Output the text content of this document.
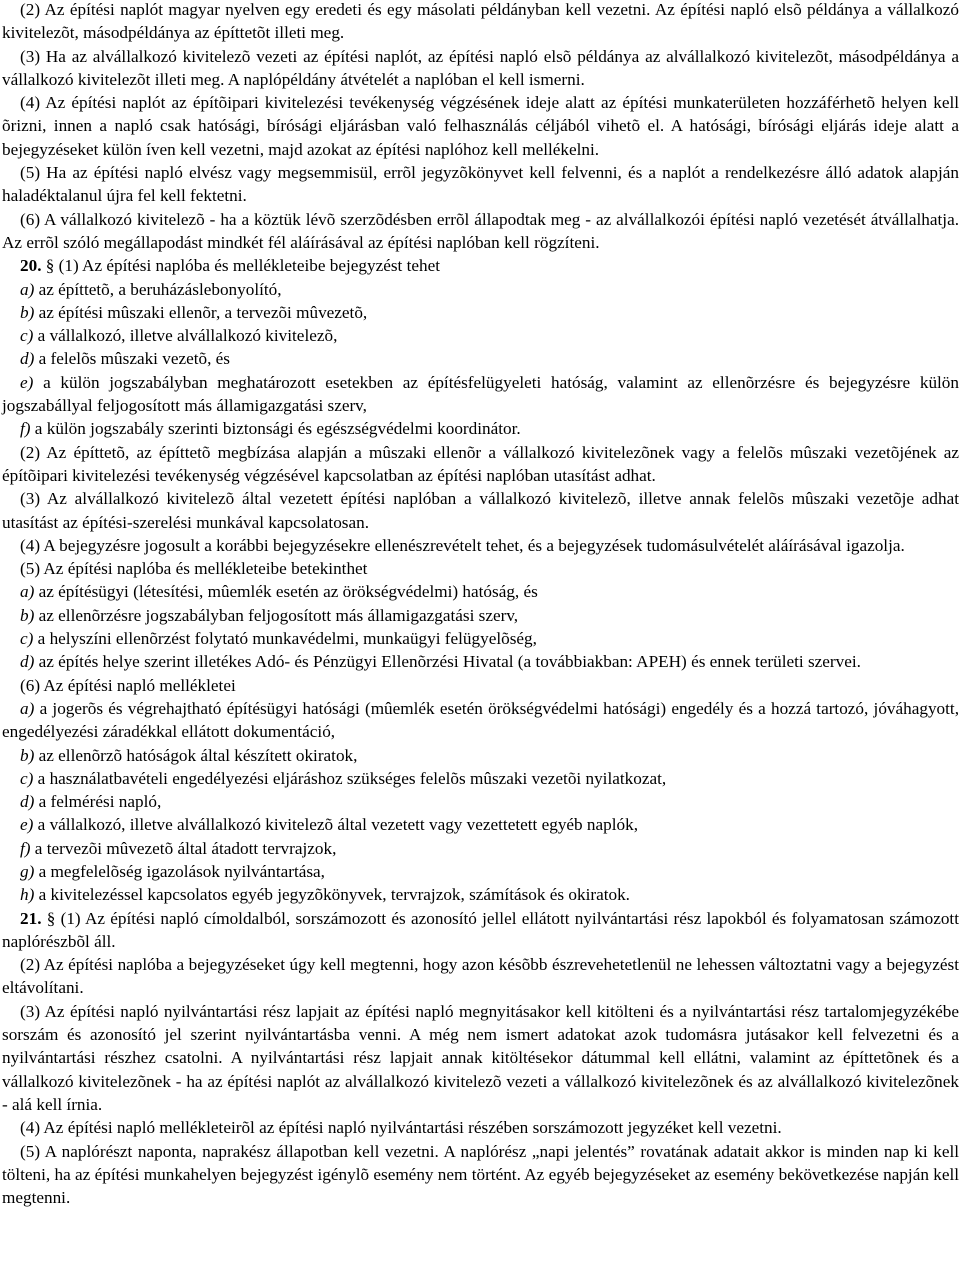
(2) Az építési naplót magyar nyelven egy eredeti és egy másolati példányban kell vezetni. Az építési napló elsõ példánya a vállalkozó kivitelezõt, másodpéldánya az építtetõt illeti meg.

(3) Ha az alvállalkozó kivitelezõ vezeti az építési naplót, az építési napló elsõ példánya az alvállalkozó kivitelezõt, másodpéldánya a vállalkozó kivitelezõt illeti meg. A naplópéldány átvételét a naplóban el kell ismerni.

(4) Az építési naplót az építõipari kivitelezési tevékenység végzésének ideje alatt az építési munkaterületen hozzáférhetõ helyen kell õrizni, innen a napló csak hatósági, bírósági eljárásban való felhasználás céljából vihetõ el. A hatósági, bírósági eljárás ideje alatt a bejegyzéseket külön íven kell vezetni, majd azokat az építési naplóhoz kell mellékelni.

(5) Ha az építési napló elvész vagy megsemmisül, errõl jegyzõkönyvet kell felvenni, és a naplót a rendelkezésre álló adatok alapján haladéktalanul újra fel kell fektetni.

(6) A vállalkozó kivitelezõ - ha a köztük lévõ szerzõdésben errõl állapodtak meg - az alvállalkozói építési napló vezetését átvállalhatja. Az errõl szóló megállapodást mindkét fél aláírásával az építési naplóban kell rögzíteni.

20. § (1) Az építési naplóba és mellékleteibe bejegyzést tehet

a) az építtetõ, a beruházáslebonyolító,

b) az építési mûszaki ellenõr, a tervezõi mûvezetõ,

c) a vállalkozó, illetve alvállalkozó kivitelezõ,

d) a felelõs mûszaki vezetõ, és

e) a külön jogszabályban meghatározott esetekben az építésfelügyeleti hatóság, valamint az ellenõrzésre és bejegyzésre külön jogszabállyal feljogosított más államigazgatási szerv,

f) a külön jogszabály szerinti biztonsági és egészségvédelmi koordinátor.

(2) Az építtetõ, az építtetõ megbízása alapján a mûszaki ellenõr a vállalkozó kivitelezõnek vagy a felelõs mûszaki vezetõjének az építõipari kivitelezési tevékenység végzésével kapcsolatban az építési naplóban utasítást adhat.

(3) Az alvállalkozó kivitelezõ által vezetett építési naplóban a vállalkozó kivitelezõ, illetve annak felelõs mûszaki vezetõje adhat utasítást az építési-szerelési munkával kapcsolatosan.

(4) A bejegyzésre jogosult a korábbi bejegyzésekre ellenészrevételt tehet, és a bejegyzések tudomásulvételét aláírásával igazolja.

(5) Az építési naplóba és mellékleteibe betekinthet

a) az építésügyi (létesítési, mûemlék esetén az örökségvédelmi) hatóság, és

b) az ellenõrzésre jogszabályban feljogosított más államigazgatási szerv,

c) a helyszíni ellenõrzést folytató munkavédelmi, munkaügyi felügyelõség,

d) az építés helye szerint illetékes Adó- és Pénzügyi Ellenõrzési Hivatal (a továbbiakban: APEH) és ennek területi szervei.

(6) Az építési napló mellékletei

a) a jogerõs és végrehajtható építésügyi hatósági (mûemlék esetén örökségvédelmi hatósági) engedély és a hozzá tartozó, jóváhagyott, engedélyezési záradékkal ellátott dokumentáció,

b) az ellenõrzõ hatóságok által készített okiratok,

c) a használatbavételi engedélyezési eljáráshoz szükséges felelõs mûszaki vezetõi nyilatkozat,

d) a felmérési napló,

e) a vállalkozó, illetve alvállalkozó kivitelezõ által vezetett vagy vezettetett egyéb naplók,

f) a tervezõi mûvezetõ által átadott tervrajzok,

g) a megfelelõség igazolások nyilvántartása,

h) a kivitelezéssel kapcsolatos egyéb jegyzõkönyvek, tervrajzok, számítások és okiratok.

21. § (1) Az építési napló címoldalból, sorszámozott és azonosító jellel ellátott nyilvántartási rész lapokból és folyamatosan számozott naplórészbõl áll.

(2) Az építési naplóba a bejegyzéseket úgy kell megtenni, hogy azon késõbb észrevehetetlenül ne lehessen változtatni vagy a bejegyzést eltávolítani.

(3) Az építési napló nyilvántartási rész lapjait az építési napló megnyitásakor kell kitölteni és a nyilvántartási rész tartalomjegyzékébe sorszám és azonosító jel szerint nyilvántartásba venni. A még nem ismert adatokat azok tudomásra jutásakor kell felvezetni és a nyilvántartási részhez csatolni. A nyilvántartási rész lapjait annak kitöltésekor dátummal kell ellátni, valamint az építtetõnek és a vállalkozó kivitelezõnek - ha az építési naplót az alvállalkozó kivitelezõ vezeti a vállalkozó kivitelezõnek és az alvállalkozó kivitelezõnek - alá kell írnia.

(4) Az építési napló mellékleteirõl az építési napló nyilvántartási részében sorszámozott jegyzéket kell vezetni.

(5) A naplórészt naponta, naprakész állapotban kell vezetni. A naplórész „napi jelentés” rovatának adatait akkor is minden nap ki kell tölteni, ha az építési munkahelyen bejegyzést igénylõ esemény nem történt. Az egyéb bejegyzéseket az esemény bekövetkezése napján kell megtenni.
